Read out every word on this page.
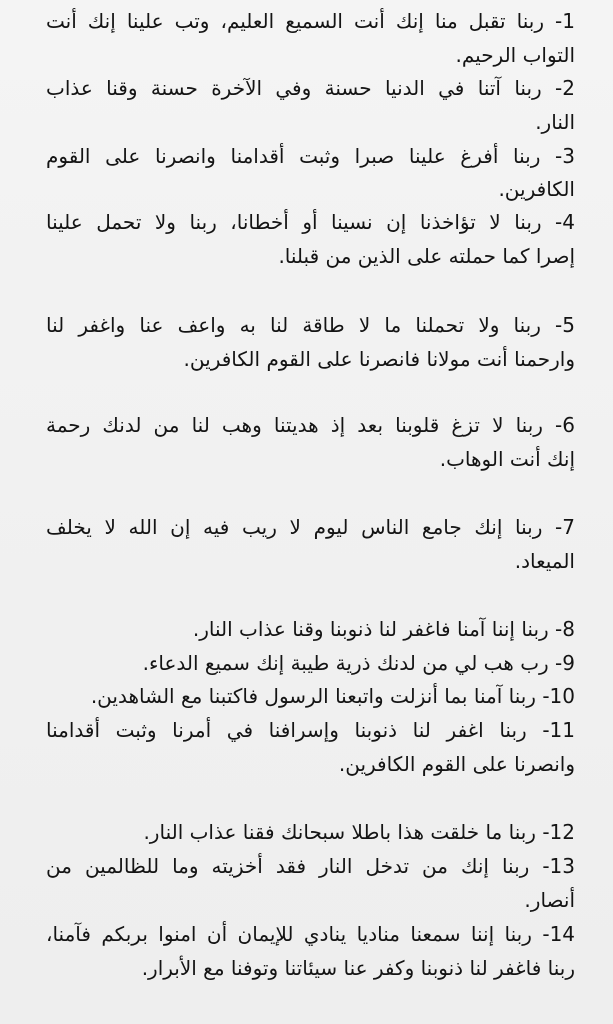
1- ربنا تقبل منا إنك أنت السميع العليم، وتب علينا إنك أنت
التواب الرحيم.
2- ربنا آتنا في الدنيا حسنة وفي الآخرة حسنة وقنا عذاب
النار.
3- ربنا أفرغ علينا صبرا وثبت أقدامنا وانصرنا على القوم
الكافرين.
4- ربنا لا تؤاخذنا إن نسينا أو أخطانا، ربنا ولا تحمل علينا
إصرا كما حملته على الذين من قبلنا.
5- ربنا ولا تحملنا ما لا طاقة لنا به واعف عنا واغفر لنا
وارحمنا أنت مولانا فانصرنا على القوم الكافرين.
6- ربنا لا تزغ قلوبنا بعد إذ هديتنا وهب لنا من لدنك رحمة
إنك أنت الوهاب.
7- ربنا إنك جامع الناس ليوم لا ريب فيه إن الله لا يخلف
الميعاد.
8- ربنا إننا آمنا فاغفر لنا ذنوبنا وقنا عذاب النار.
9- رب هب لي من لدنك ذرية طيبة إنك سميع الدعاء.
10- ربنا آمنا بما أنزلت واتبعنا الرسول فاكتبنا مع الشاهدين.
11- ربنا اغفر لنا ذنوبنا وإسرافنا في أمرنا وثبت أقدامنا
وانصرنا على القوم الكافرين.
12- ربنا ما خلقت هذا باطلا سبحانك فقنا عذاب النار.
13- ربنا إنك من تدخل النار فقد أخزيته وما للظالمين من
أنصار.
14- ربنا إننا سمعنا مناديا ينادي للإيمان أن امنوا بربكم فآمنا،
ربنا فاغفر لنا ذنوبنا وكفر عنا سيئاتنا وتوفنا مع الأبرار.
